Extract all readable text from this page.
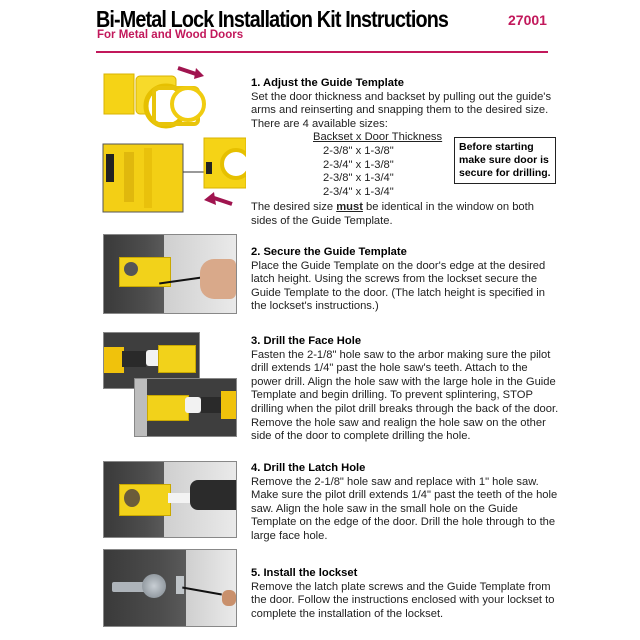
Bi-Metal Lock Installation Kit Instructions	27001
For Metal and Wood Doors
1. Adjust the Guide Template

Set the door thickness and backset by pulling out the guide's arms and reinserting and snapping them to the desired size. There are 4 available sizes:

Backset x Door Thickness
2-3/8" x 1-3/8"
2-3/4" x 1-3/8"
2-3/8" x 1-3/4"
2-3/4" x 1-3/4"

The desired size must be identical in the window on both sides of the Guide Template.

Before starting
make sure door is
secure for drilling.
2. Secure the Guide Template

Place the Guide Template on the door's edge at the desired latch height. Using the screws from the lockset secure the Guide Template to the door. (The latch height is specified in the lockset's instructions.)

3. Drill the Face Hole

Fasten the 2-1/8" hole saw to the arbor making sure the pilot drill extends 1/4" past the hole saw's teeth. Attach to the power drill. Align the hole saw with the large hole in the Guide Template and begin drilling. To prevent splintering, STOP drilling when the pilot drill breaks through the back of the door. Remove the hole saw and realign the hole saw on the other side of the door to complete drilling the hole.

4. Drill the Latch Hole

Remove the 2-1/8" hole saw and replace with 1" hole saw. Make sure the pilot drill extends 1/4" past the teeth of the hole saw. Align the hole saw in the small hole on the Guide Template on the edge of the door. Drill the hole through to the large face hole.

5. Install the lockset

Remove the latch plate screws and the Guide Template from the door. Follow the instructions enclosed with your lockset to complete the installation of the lockset.
